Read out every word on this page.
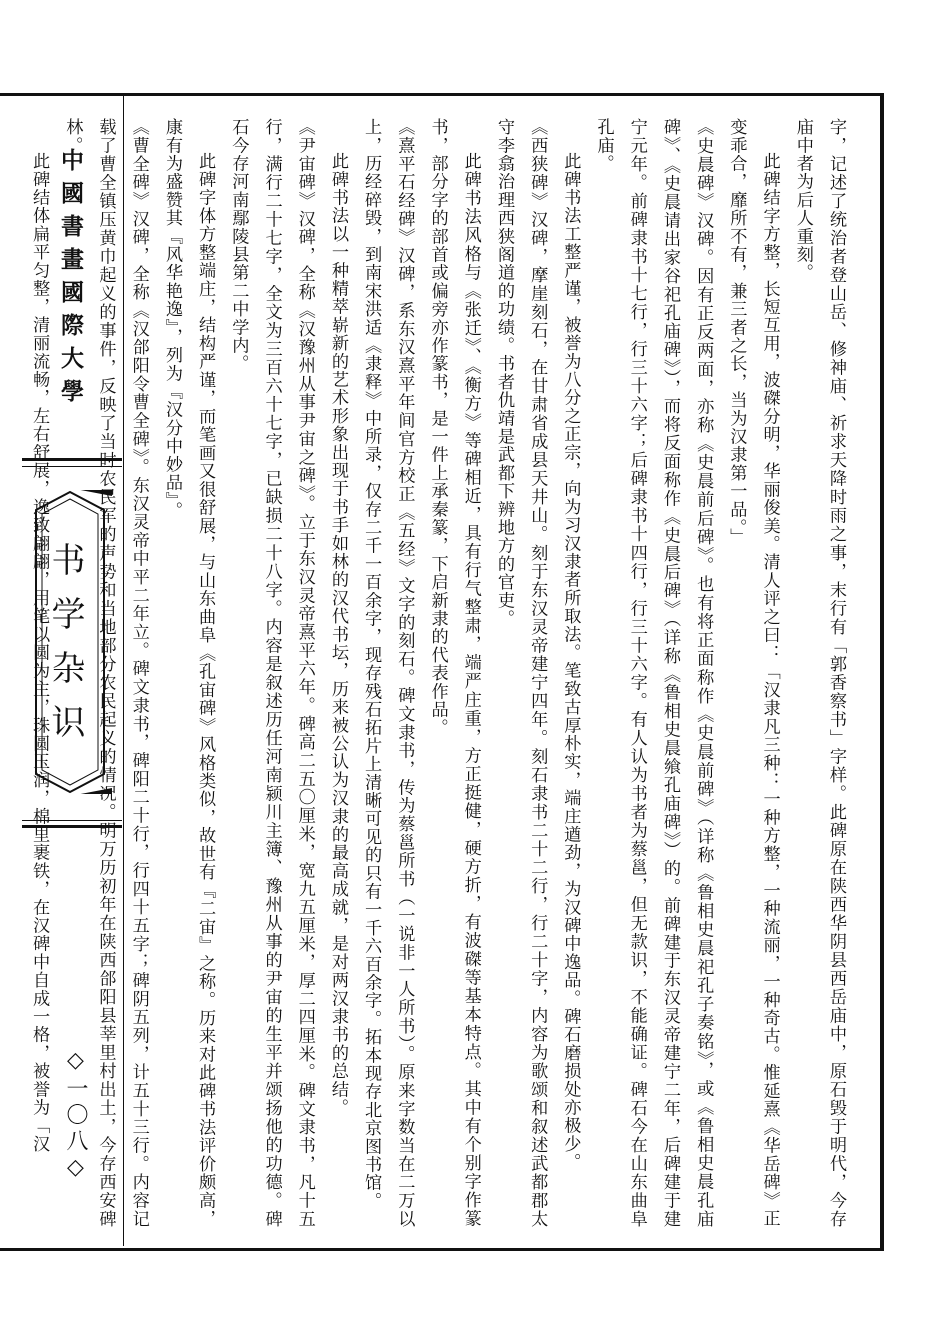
中國書畫國際大學
书学杂识
◇一〇八◇	字，记述了统治者登山岳、修神庙、祈求天降时雨之事，末行有「郭香察书」字样。此碑原在陕西华阴县西岳庙中，原石毁于明代，今存庙中者为后人重刻。

此碑结字方整，长短互用，波磔分明，华丽俊美。清人评之曰：「汉隶凡三种：一种方整，一种流丽，一种奇古。惟延熹《华岳碑》正变乖合，靡所不有，兼三者之长，当为汉隶第一品。」

《史晨碑》汉碑。因有正反两面，亦称《史晨前后碑》。也有将正面称作《史晨前碑》（详称《鲁相史晨祀孔子奏铭》，或《鲁相史晨孔庙碑》、《史晨请出家谷祀孔庙碑》），而将反面称作《史晨后碑》（详称《鲁相史晨飨孔庙碑》）的。前碑建于东汉灵帝建宁二年，后碑建于建宁元年。前碑隶书十七行，行三十六字；后碑隶书十四行，行三十六字。有人认为书者为蔡邕，但无款识，不能确证。碑石今在山东曲阜孔庙。

此碑书法工整严谨，被誉为八分之正宗，向为习汉隶者所取法。笔致古厚朴实，端庄遒劲，为汉碑中逸品。碑石磨损处亦极少。

《西狭碑》汉碑，摩崖刻石，在甘肃省成县天井山。刻于东汉灵帝建宁四年。刻石隶书二十二行，行二十字，内容为歌颂和叙述武都郡太守李翕治理西狭阁道的功绩。书者仇靖是武都下辨地方的官吏。

此碑书法风格与《张迁》、《衡方》等碑相近，具有行气整肃，端严庄重，方正挺健，硬方折，有波磔等基本特点。其中有个别字作篆书，部分字的部首或偏旁亦作篆书，是一件上承秦篆，下启新隶的代表作品。

《熹平石经碑》汉碑，系东汉熹平年间官方校正《五经》文字的刻石。碑文隶书，传为蔡邕所书（一说非一人所书）。原来字数当在二万以上，历经碎毁，到南宋洪适《隶释》中所录，仅存二千一百余字，现存残石拓片上清晰可见的只有一千六百余字。拓本现存北京图书馆。

此碑书法以一种精萃崭新的艺术形象出现于书手如林的汉代书坛，历来被公认为汉隶的最高成就，是对两汉隶书的总结。

《尹宙碑》汉碑，全称《汉豫州从事尹宙之碑》。立于东汉灵帝熹平六年。碑高二五〇厘米，宽九五厘米，厚二四厘米。碑文隶书，凡十五行，满行二十七字，全文为三百六十七字，已缺损二十八字。内容是叙述历任河南颍川主簿、豫州从事的尹宙的生平并颂扬他的功德。碑石今存河南鄢陵县第二中学内。

此碑字体方整端庄，结构严谨，而笔画又很舒展，与山东曲阜《孔宙碑》风格类似，故世有『二宙』之称。历来对此碑书法评价颇高，康有为盛赞其『风华艳逸』，列为『汉分中妙品』。

《曹全碑》汉碑，全称《汉郃阳令曹全碑》。东汉灵帝中平二年立。碑文隶书，碑阳二十行，行四十五字；碑阴五列，计五十三行。内容记载了曹全镇压黄巾起义的事件，反映了当时农民军的声势和当地部分农民起义的情况。明万历初年在陕西郃阳县莘里村出土，今存西安碑林。

此碑结体扁平匀整，清丽流畅，左右舒展，逸致翩翩，用笔以圆为主，珠圆玉润，棉里裹铁，在汉碑中自成一格，被誉为「汉
